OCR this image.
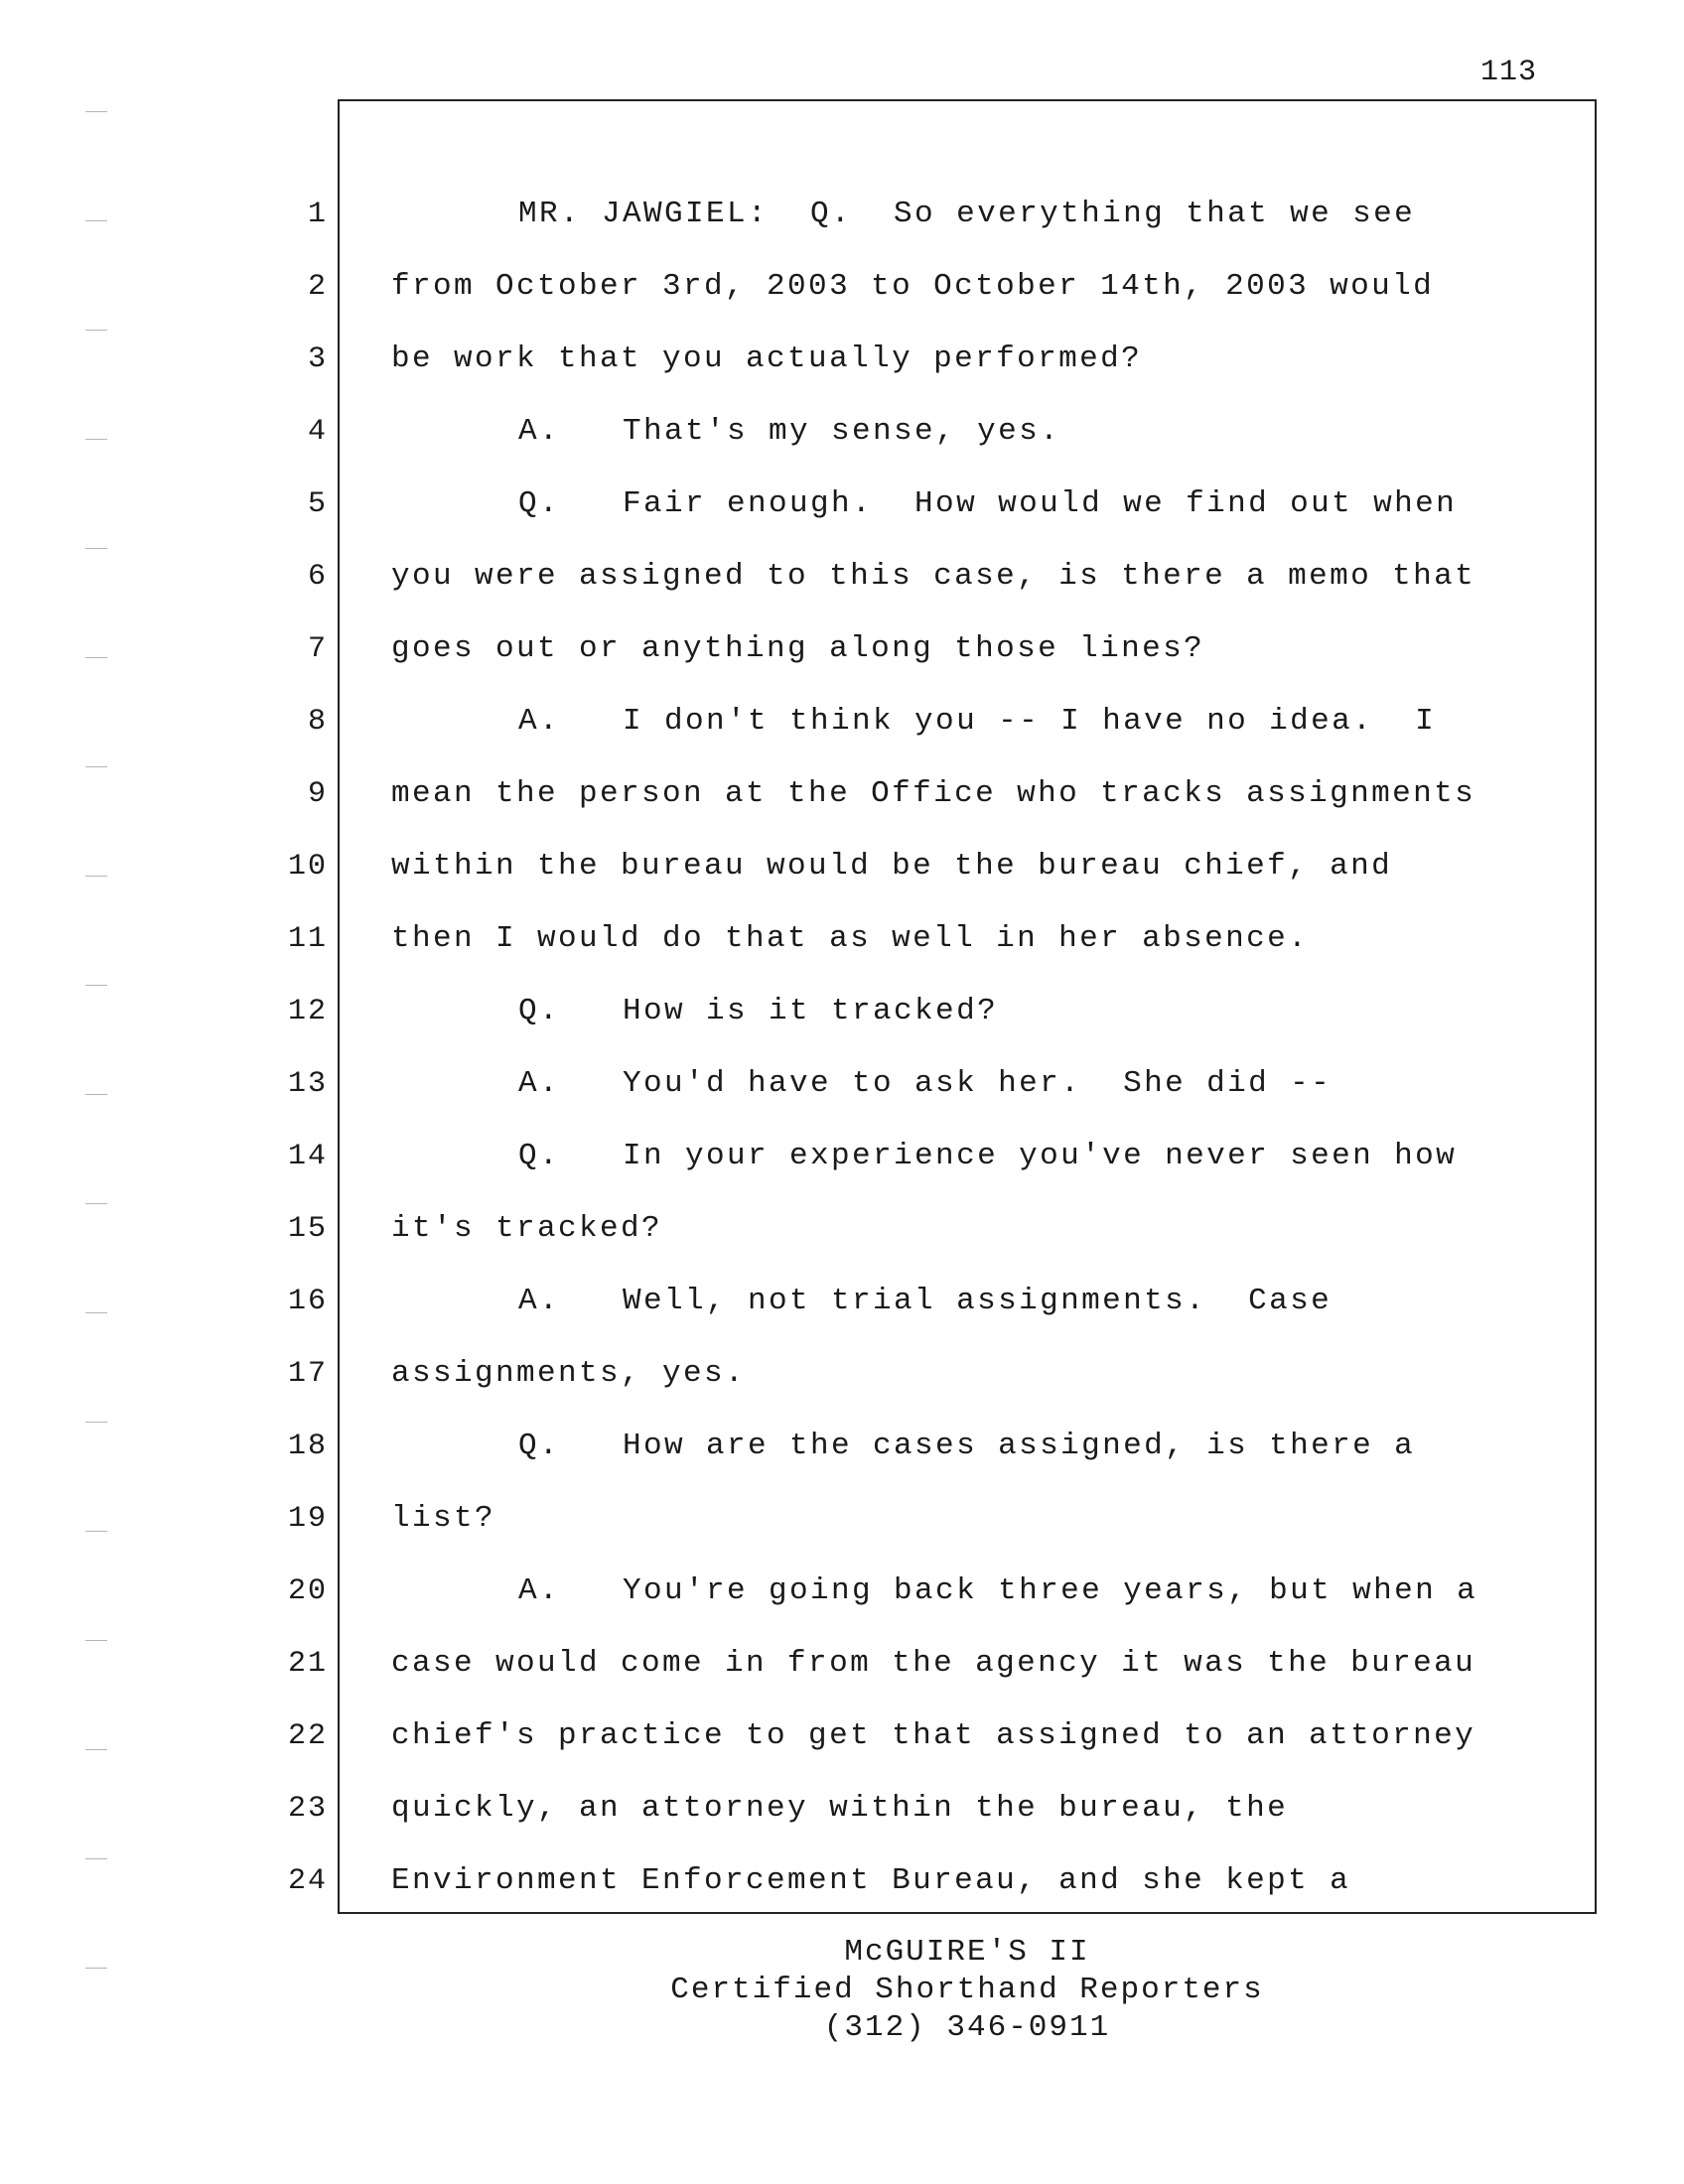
113
1
2
3
4
5
6
7
8
9
10
11
12
13
14
15
16
17
18
19
20
21
22
23
24
MR. JAWGIEL:  Q.  So everything that we see
from October 3rd, 2003 to October 14th, 2003 would
be work that you actually performed?
A.   That's my sense, yes.
Q.   Fair enough.  How would we find out when
you were assigned to this case, is there a memo that
goes out or anything along those lines?
A.   I don't think you -- I have no idea.  I
mean the person at the Office who tracks assignments
within the bureau would be the bureau chief, and
then I would do that as well in her absence.
Q.   How is it tracked?
A.   You'd have to ask her.  She did --
Q.   In your experience you've never seen how
it's tracked?
A.   Well, not trial assignments.  Case
assignments, yes.
Q.   How are the cases assigned, is there a
list?
A.   You're going back three years, but when a
case would come in from the agency it was the bureau
chief's practice to get that assigned to an attorney
quickly, an attorney within the bureau, the
Environment Enforcement Bureau, and she kept a
McGUIRE'S II
Certified Shorthand Reporters
(312) 346-0911
